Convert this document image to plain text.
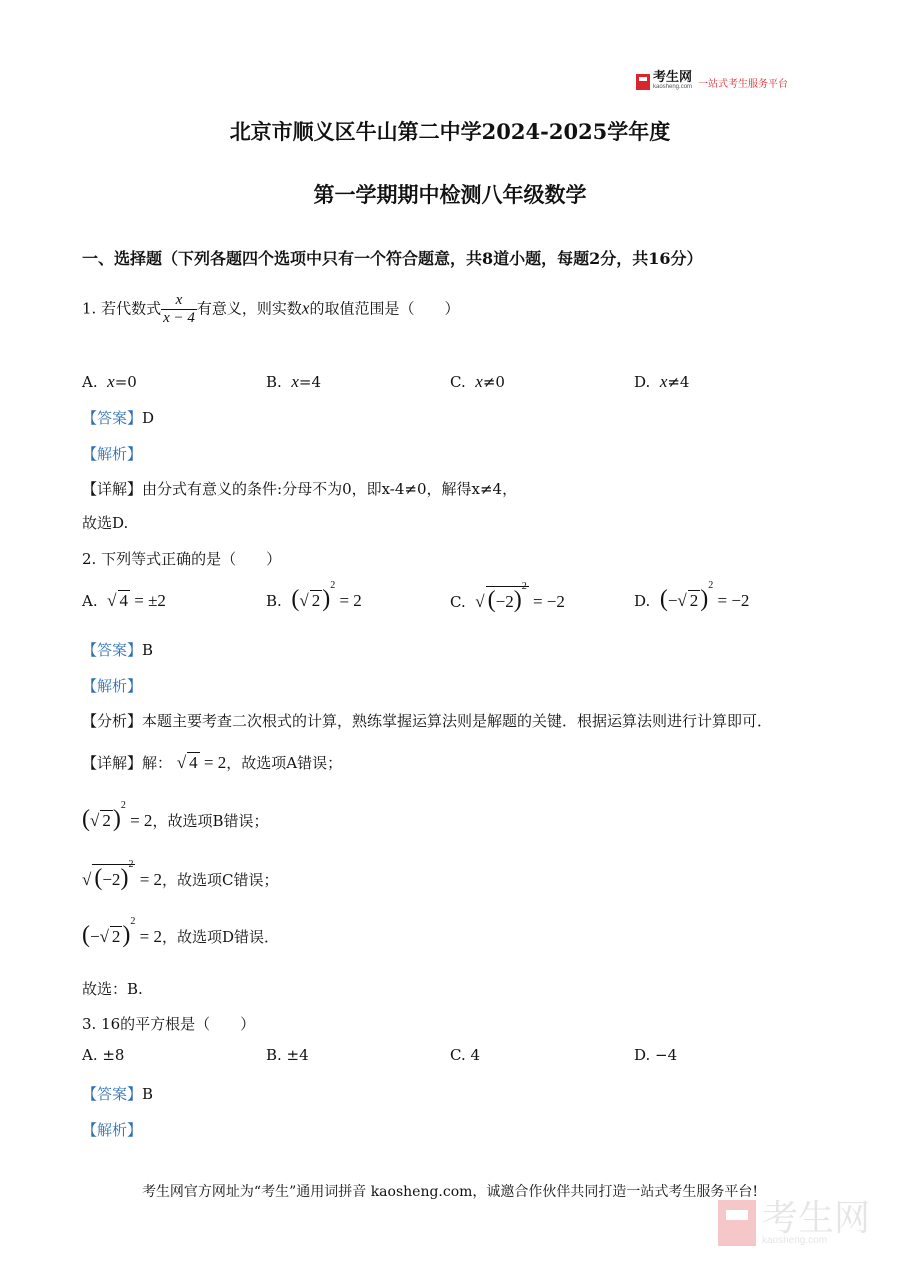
考生网
kaosheng.com 一站式考生服务平台
北京市顺义区牛山第二中学2024-2025学年度
第一学期期中检测八年级数学
一、选择题（下列各题四个选项中只有一个符合题意，共8道小题，每题2分，共16分）
1. 若代数式 $\frac{x}{x - 4}$ 有意义，则实数x的取值范围是（　　）
A. x=0	B. x=4	C. x≠0	D. x≠4
【答案】D
【解析】
【详解】由分式有意义的条件:分母不为0，即x-4≠0，解得x≠4，
故选D.
2. 下列等式正确的是（　　）
A. √ 4 = ±2	B. (√ 2)$^2$ = 2	C. √ $(-2)^2 = -2$	D. (−√ 2)$^2$ = −2
【答案】B
【解析】
【分析】本题主要考查二次根式的计算，熟练掌握运算法则是解题的关键．根据运算法则进行计算即可．
【详解】解： √ 4 = 2，故选项A错误；
(√ 2)$^2$ = 2，故选项B错误；
√ $(-2)^2 = 2$，故选项C错误；
(−√ 2)$^2$ = 2，故选项D错误．
故选：B.
3. 16的平方根是（　　）
A. ±8	B. ±4	C. 4	D. −4
【答案】B
【解析】
考生网官方网址为“考生”通用词拼音 kaosheng.com，诚邀合作伙伴共同打造一站式考生服务平台!
考生网
kaosheng.com
